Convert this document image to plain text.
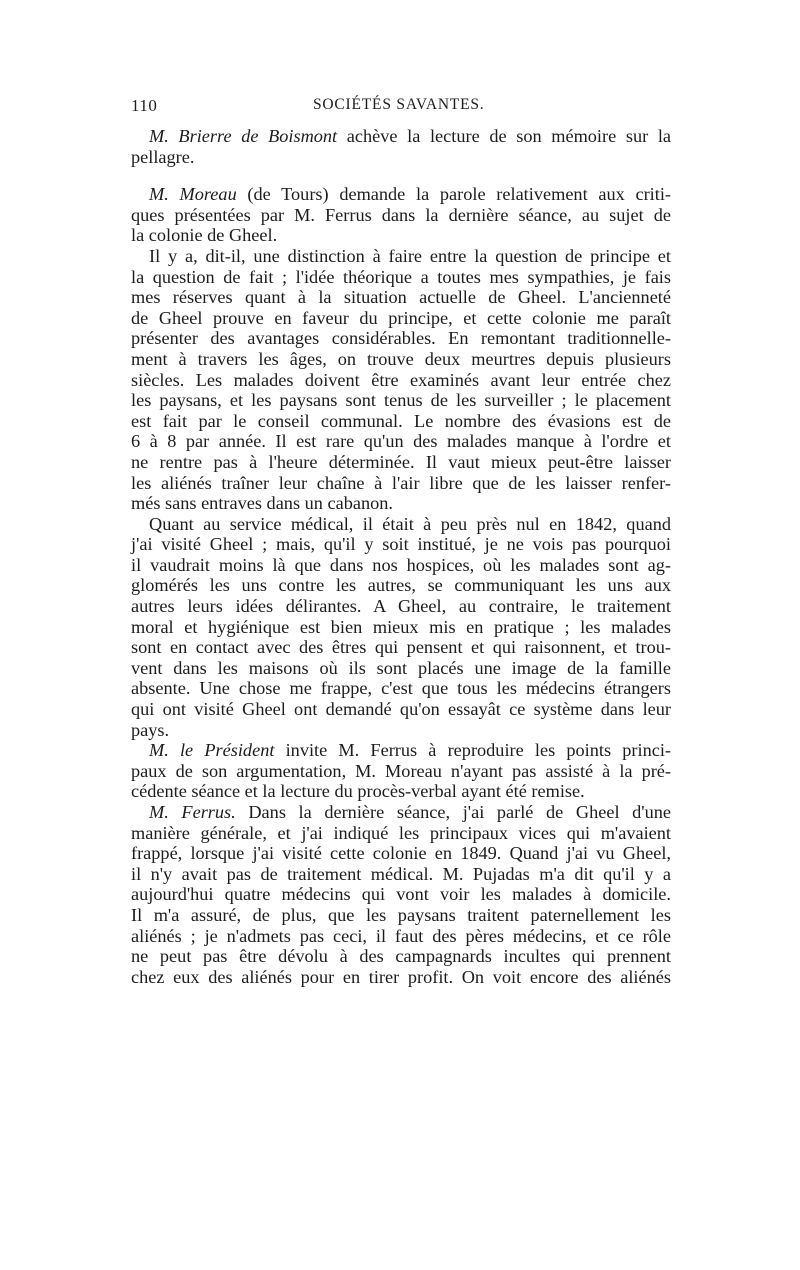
110	SOCIÉTÉS SAVANTES.
M. Brierre de Boismont achève la lecture de son mémoire sur la
pellagre.
M. Moreau (de Tours) demande la parole relativement aux criti-
ques présentées par M. Ferrus dans la dernière séance, au sujet de
la colonie de Gheel.
Il y a, dit-il, une distinction à faire entre la question de principe et
la question de fait ; l'idée théorique a toutes mes sympathies, je fais
mes réserves quant à la situation actuelle de Gheel. L'ancienneté
de Gheel prouve en faveur du principe, et cette colonie me paraît
présenter des avantages considérables. En remontant traditionnelle-
ment à travers les âges, on trouve deux meurtres depuis plusieurs
siècles. Les malades doivent être examinés avant leur entrée chez
les paysans, et les paysans sont tenus de les surveiller ; le placement
est fait par le conseil communal. Le nombre des évasions est de
6 à 8 par année. Il est rare qu'un des malades manque à l'ordre et
ne rentre pas à l'heure déterminée. Il vaut mieux peut-être laisser
les aliénés traîner leur chaîne à l'air libre que de les laisser renfer-
més sans entraves dans un cabanon.
Quant au service médical, il était à peu près nul en 1842, quand
j'ai visité Gheel ; mais, qu'il y soit institué, je ne vois pas pourquoi
il vaudrait moins là que dans nos hospices, où les malades sont ag-
glomérés les uns contre les autres, se communiquant les uns aux
autres leurs idées délirantes. A Gheel, au contraire, le traitement
moral et hygiénique est bien mieux mis en pratique ; les malades
sont en contact avec des êtres qui pensent et qui raisonnent, et trou-
vent dans les maisons où ils sont placés une image de la famille
absente. Une chose me frappe, c'est que tous les médecins étrangers
qui ont visité Gheel ont demandé qu'on essayât ce système dans leur
pays.
M. le Président invite M. Ferrus à reproduire les points princi-
paux de son argumentation, M. Moreau n'ayant pas assisté à la pré-
cédente séance et la lecture du procès-verbal ayant été remise.
M. Ferrus. Dans la dernière séance, j'ai parlé de Gheel d'une
manière générale, et j'ai indiqué les principaux vices qui m'avaient
frappé, lorsque j'ai visité cette colonie en 1849. Quand j'ai vu Gheel,
il n'y avait pas de traitement médical. M. Pujadas m'a dit qu'il y a
aujourd'hui quatre médecins qui vont voir les malades à domicile.
Il m'a assuré, de plus, que les paysans traitent paternellement les
aliénés ; je n'admets pas ceci, il faut des pères médecins, et ce rôle
ne peut pas être dévolu à des campagnards incultes qui prennent
chez eux des aliénés pour en tirer profit. On voit encore des aliénés
